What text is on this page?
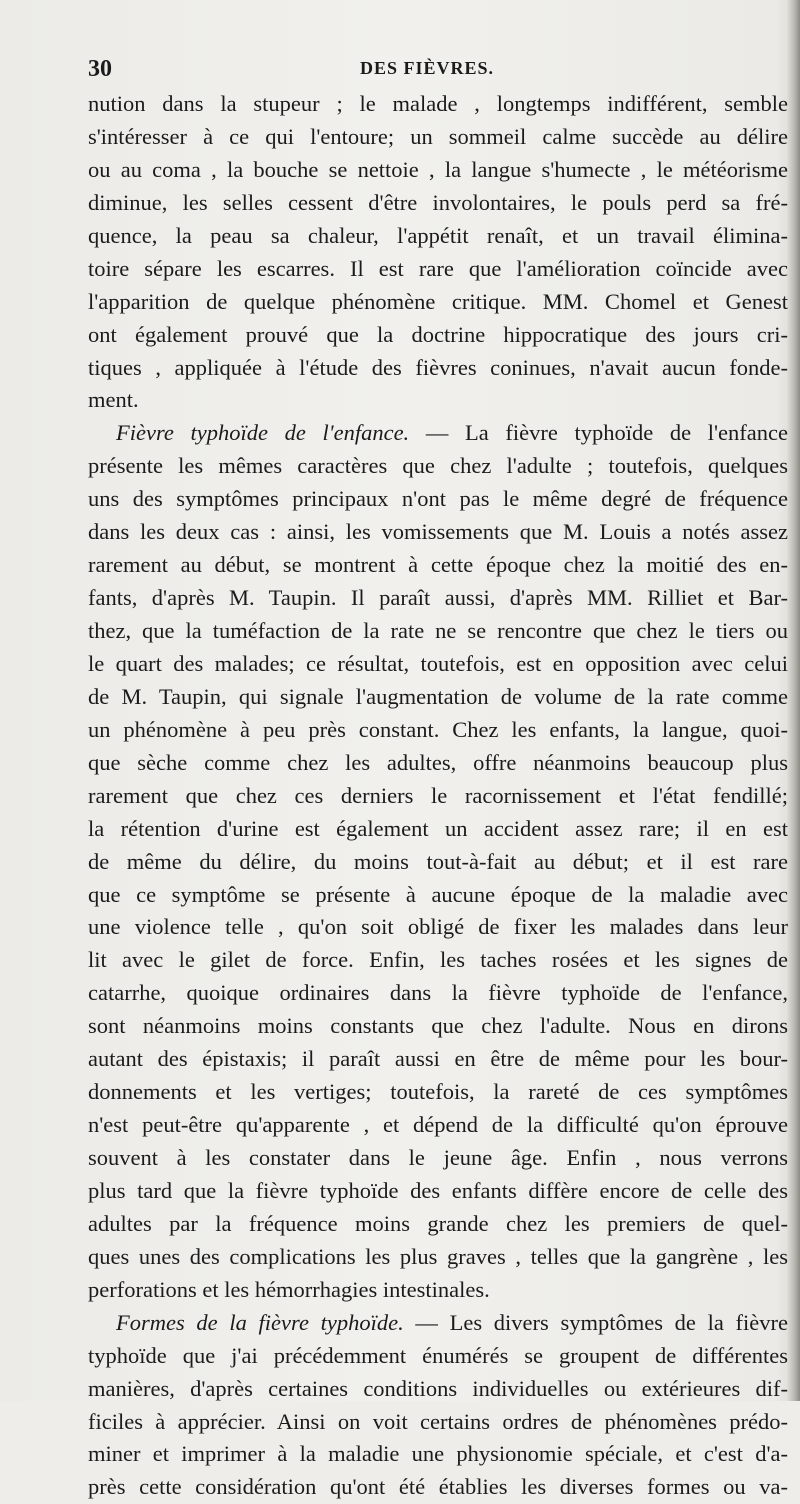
30	DES FIÈVRES.
nution dans la stupeur ; le malade , longtemps indifférent, semble
s'intéresser à ce qui l'entoure; un sommeil calme succède au délire
ou au coma , la bouche se nettoie , la langue s'humecte , le météorisme
diminue, les selles cessent d'être involontaires, le pouls perd sa fré-
quence, la peau sa chaleur, l'appétit renaît, et un travail élimina-
toire sépare les escarres. Il est rare que l'amélioration coïncide avec
l'apparition de quelque phénomène critique. MM. Chomel et Genest
ont également prouvé que la doctrine hippocratique des jours cri-
tiques , appliquée à l'étude des fièvres coninues, n'avait aucun fonde-
ment.
Fièvre typhoïde de l'enfance. — La fièvre typhoïde de l'enfance
présente les mêmes caractères que chez l'adulte ; toutefois, quelques
uns des symptômes principaux n'ont pas le même degré de fréquence
dans les deux cas : ainsi, les vomissements que M. Louis a notés assez
rarement au début, se montrent à cette époque chez la moitié des en-
fants, d'après M. Taupin. Il paraît aussi, d'après MM. Rilliet et Bar-
thez, que la tuméfaction de la rate ne se rencontre que chez le tiers ou
le quart des malades; ce résultat, toutefois, est en opposition avec celui
de M. Taupin, qui signale l'augmentation de volume de la rate comme
un phénomène à peu près constant. Chez les enfants, la langue, quoi-
que sèche comme chez les adultes, offre néanmoins beaucoup plus
rarement que chez ces derniers le racornissement et l'état fendillé;
la rétention d'urine est également un accident assez rare; il en est
de même du délire, du moins tout-à-fait au début; et il est rare
que ce symptôme se présente à aucune époque de la maladie avec
une violence telle , qu'on soit obligé de fixer les malades dans leur
lit avec le gilet de force. Enfin, les taches rosées et les signes de
catarrhe, quoique ordinaires dans la fièvre typhoïde de l'enfance,
sont néanmoins moins constants que chez l'adulte. Nous en dirons
autant des épistaxis; il paraît aussi en être de même pour les bour-
donnements et les vertiges; toutefois, la rareté de ces symptômes
n'est peut-être qu'apparente , et dépend de la difficulté qu'on éprouve
souvent à les constater dans le jeune âge. Enfin , nous verrons
plus tard que la fièvre typhoïde des enfants diffère encore de celle des
adultes par la fréquence moins grande chez les premiers de quel-
ques unes des complications les plus graves , telles que la gangrène , les
perforations et les hémorrhagies intestinales.
Formes de la fièvre typhoïde. — Les divers symptômes de la fièvre
typhoïde que j'ai précédemment énumérés se groupent de différentes
manières, d'après certaines conditions individuelles ou extérieures dif-
ficiles à apprécier. Ainsi on voit certains ordres de phénomènes prédo-
miner et imprimer à la maladie une physionomie spéciale, et c'est d'a-
près cette considération qu'ont été établies les diverses formes ou va-
